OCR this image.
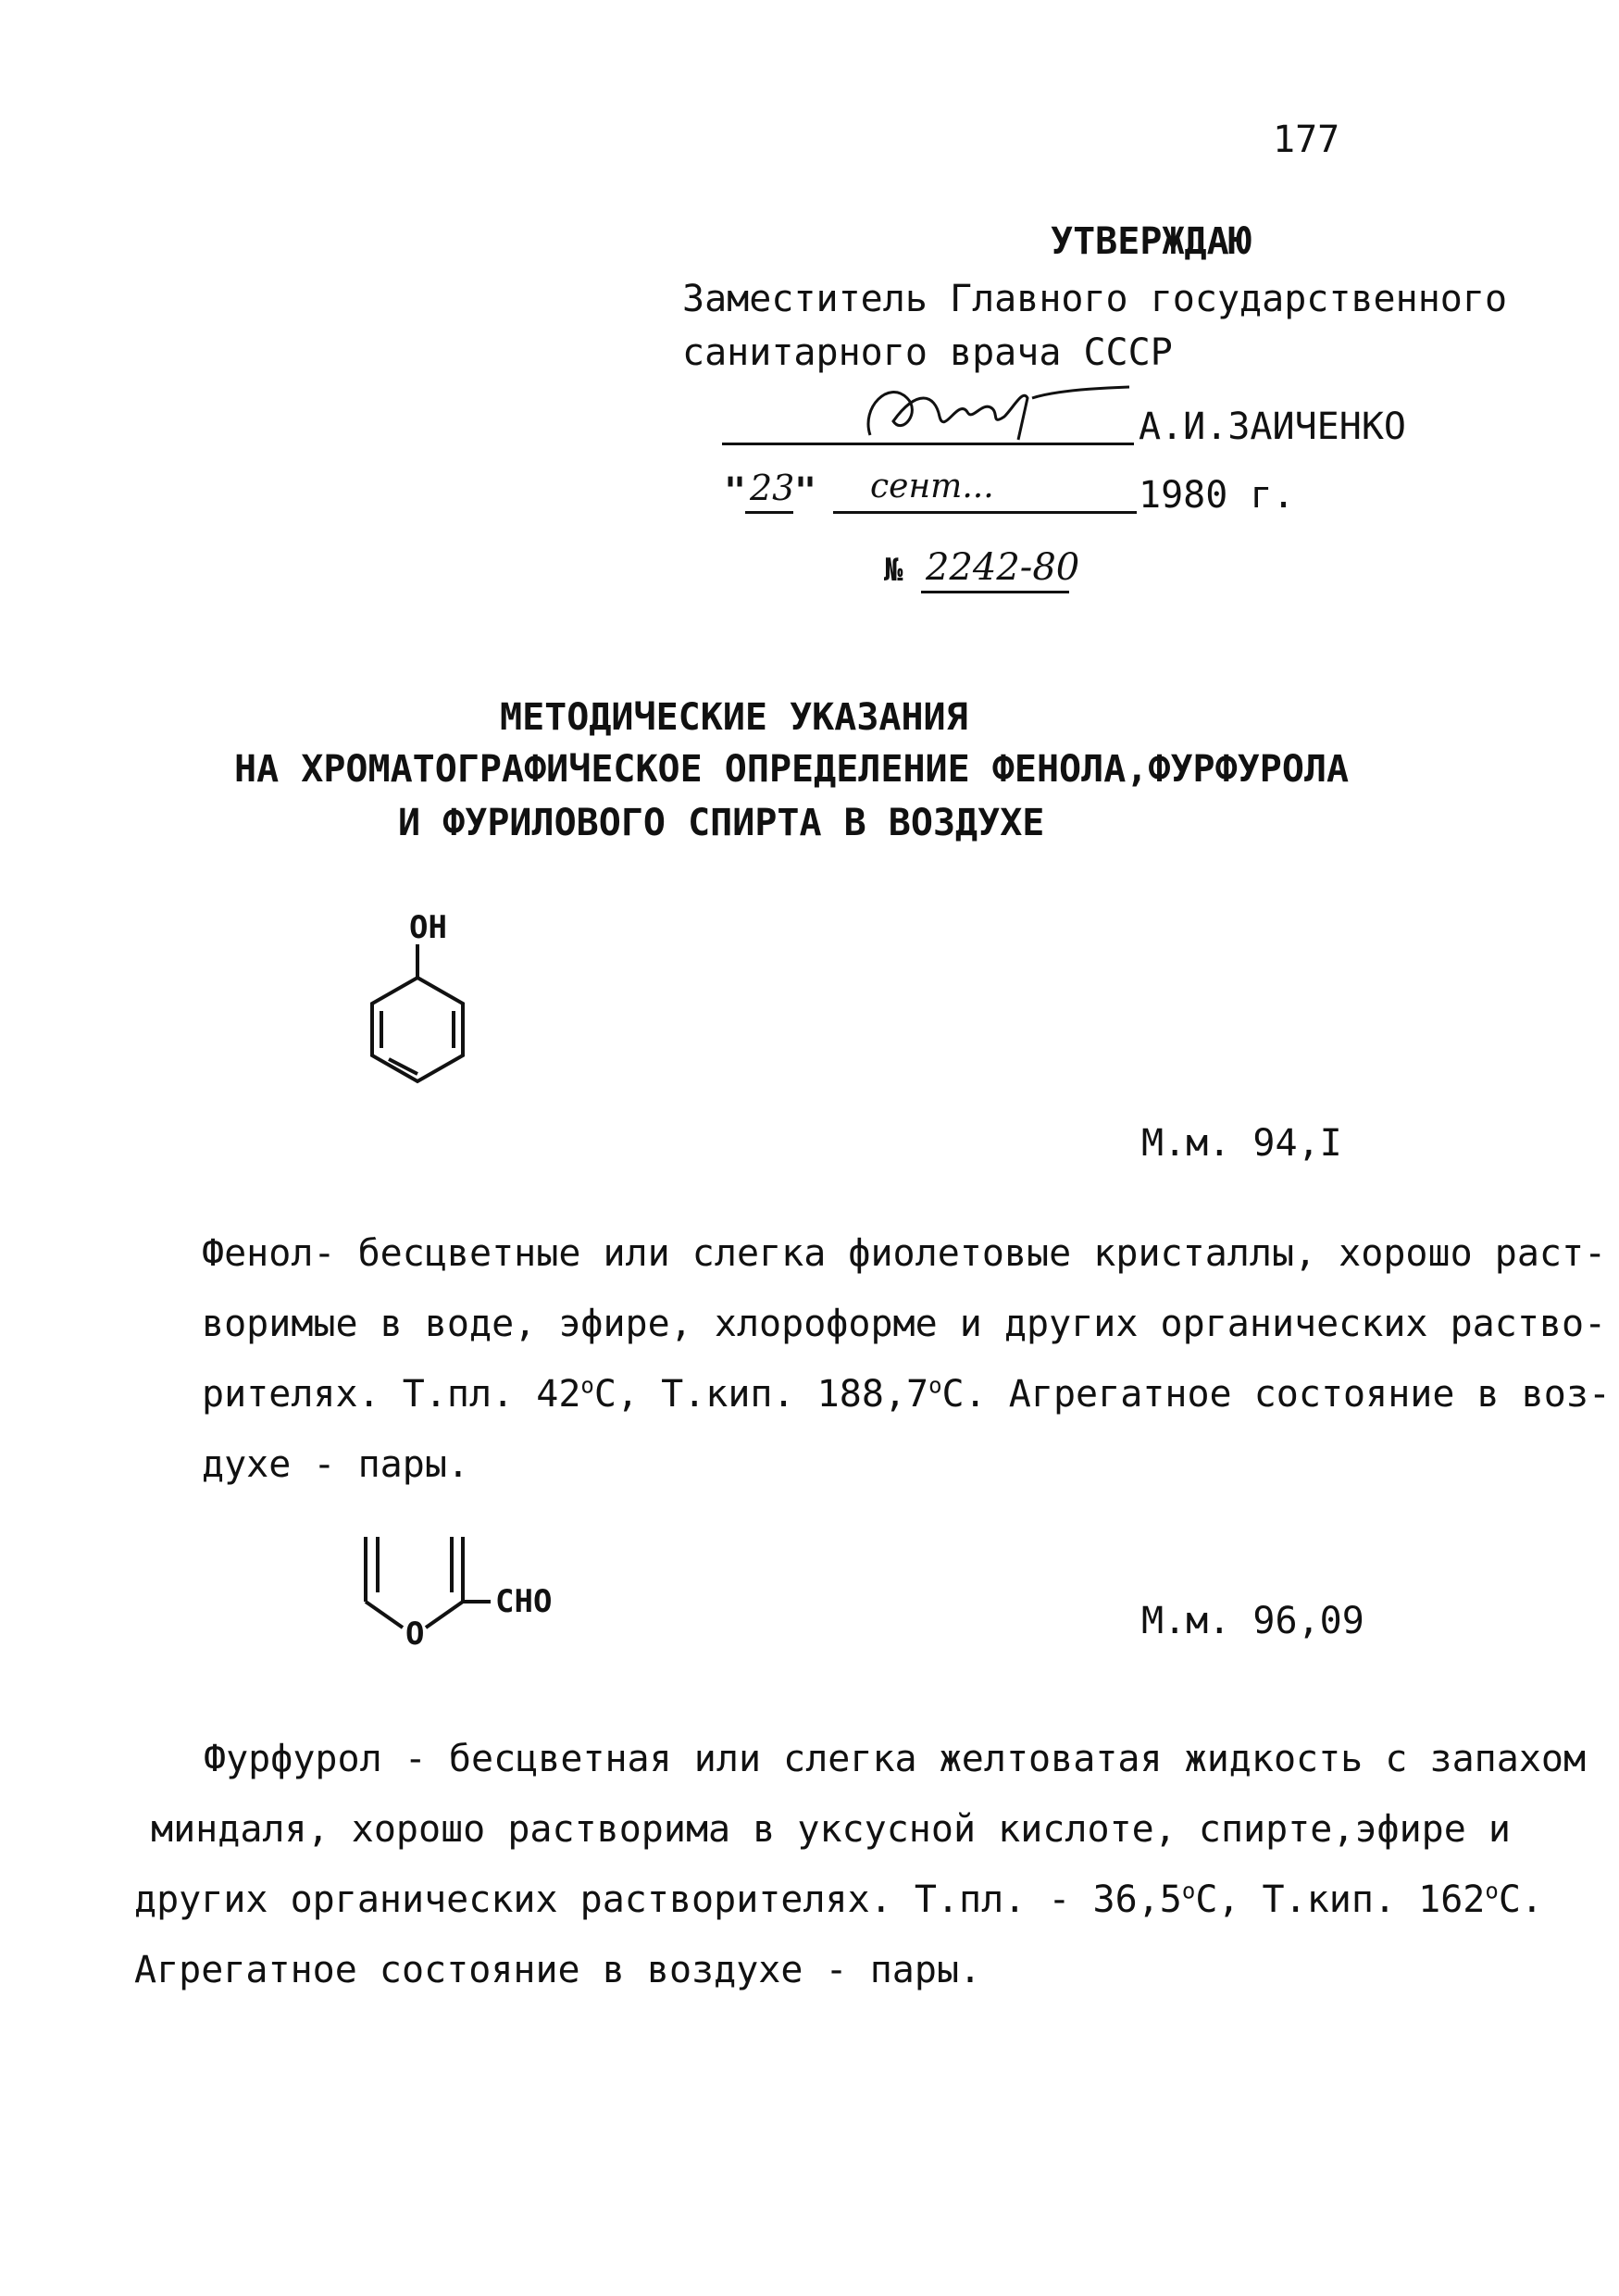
177
УТВЕРЖДАЮ
Заместитель Главного государственного
санитарного врача СССР
А.И.ЗАИЧЕНКО
" 23 " сент...	1980 г.
№ 2242-80
МЕТОДИЧЕСКИЕ УКАЗАНИЯ
НА ХРОМАТОГРАФИЧЕСКОЕ ОПРЕДЕЛЕНИЕ ФЕНОЛА,ФУРФУРОЛА
И ФУРИЛОВОГО СПИРТА В ВОЗДУХЕ
OH
М.м. 94,I

Фенол- бесцветные или слегка фиолетовые кристаллы, хорошо раст-

воримые в воде, эфире, хлороформе и других органических раство-

рителях. Т.пл. $42^оС$, Т.кип. $188,7^оС$. Агрегатное состояние в воз-

духе - пары.

O
CHO	М.м. 96,09

Фурфурол - бесцветная или слегка желтоватая жидкость с запахом

миндаля, хорошо растворима в уксусной кислоте, спирте,эфире и

других органических растворителях. Т.пл. - $36,5^оС$, Т.кип. $162^оС$.

Агрегатное состояние в воздухе - пары.
